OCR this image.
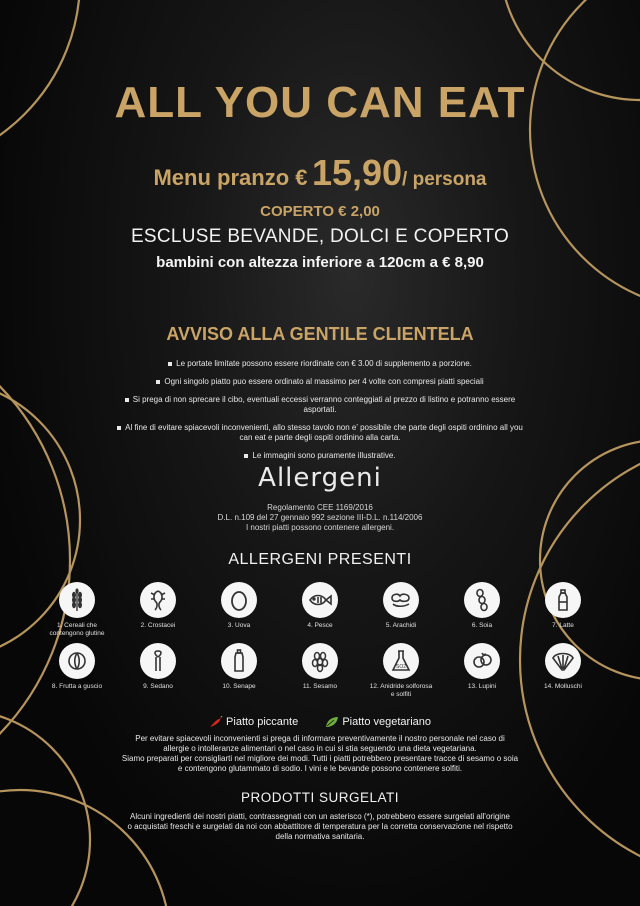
ALL YOU CAN EAT
Menu pranzo € 15,90/ persona
COPERTO € 2,00
ESCLUSE BEVANDE, DOLCI E COPERTO
bambini con altezza inferiore a 120cm a € 8,90
AVVISO ALLA GENTILE CLIENTELA
Le portate limitate possono essere riordinate con € 3.00 di supplemento a porzione.
Ogni singolo piatto puo essere ordinato al massimo per 4 volte con compresi piatti speciali
Si prega di non sprecare il cibo, eventuali eccessi verranno conteggiati al prezzo di listino e potranno essere asportati.
Al fine di evitare spiacevoli inconvenienti, allo stesso tavolo non e' possibile che parte degli ospiti ordinino all you can eat e parte degli ospiti ordinino alla carta.
Le immagini sono puramente illustrative.
Allergeni
Regolamento CEE 1169/2016
D.L. n.109 del 27 gennaio 992 sezione III-D.L. n.114/2006
I nostri piatti possono contenere allergeni.
ALLERGENI PRESENTI
1. Cereali che contengono glutine
2. Crostacei	3. Uova	4. Pesce	5. Arachidi	6. Soia	7. Latte
8. Frutta a guscio	9. Sedano	10. Senape	11. Sesamo
SO2
12. Anidride solforosa e solfiti
13. Lupini	14. Molluschi
Piatto piccante	Piatto vegetariano
Per evitare spiacevoli inconvenienti si prega di informare preventivamente il nostro personale nel caso di
allergie o intolleranze alimentari o nel caso in cui si stia seguendo una dieta vegetariana.
Siamo preparati per consigliarti nel migliore dei modi. Tutti i piatti potrebbero presentare tracce di sesamo o soia
e contengono glutammato di sodio. I vini e le bevande possono contenere solfiti.
PRODOTTI SURGELATI
Alcuni ingredienti dei nostri piatti, contrassegnati con un asterisco (*), potrebbero essere surgelati all'origine
o acquistati freschi e surgelati da noi con abbattitore di temperatura per la corretta conservazione nel rispetto
della normativa sanitaria.
